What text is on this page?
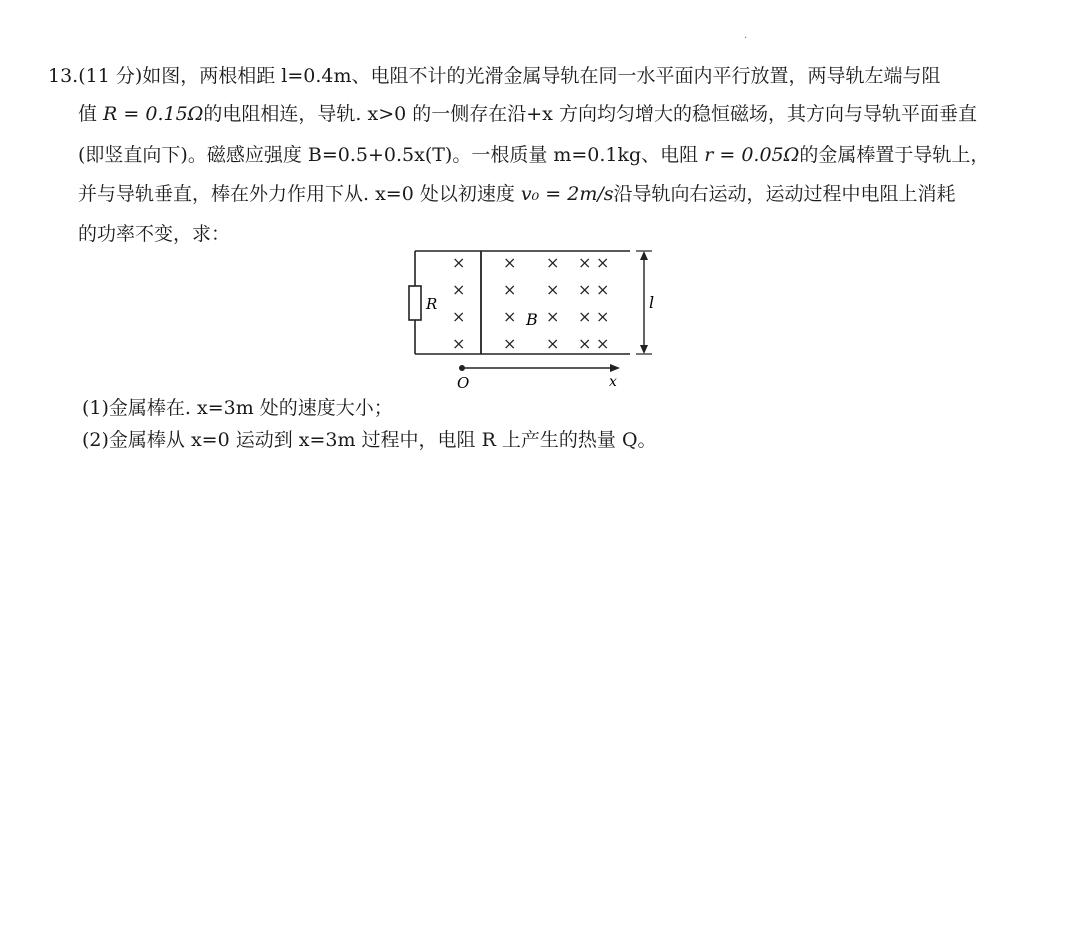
.
13.(11 分)如图，两根相距 l=0.4m、电阻不计的光滑金属导轨在同一水平面内平行放置，两导轨左端与阻
值 R = 0.15Ω的电阻相连，导轨. x>0 的一侧存在沿+x 方向均匀增大的稳恒磁场，其方向与导轨平面垂直
(即竖直向下)。磁感应强度 B=0.5+0.5x(T)。一根质量 m=0.1kg、电阻 r = 0.05Ω的金属棒置于导轨上，
并与导轨垂直，棒在外力作用下从. x=0 处以初速度 v₀ = 2m/s沿导轨向右运动，运动过程中电阻上消耗
的功率不变，求：
R
×
×
×
×
×
×
×
×
×
×
×
×
×
×
×
×
×
×
×
×
B
l
O	x
(1)金属棒在. x=3m 处的速度大小；
(2)金属棒从 x=0 运动到 x=3m 过程中，电阻 R 上产生的热量 Q。
